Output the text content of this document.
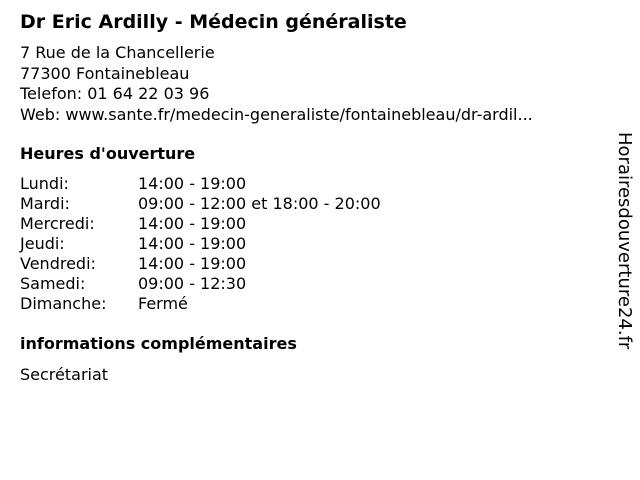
Dr Eric Ardilly - Médecin généraliste
7 Rue de la Chancellerie
77300 Fontainebleau
Telefon: 01 64 22 03 96
Web: www.sante.fr/medecin-generaliste/fontainebleau/dr-ardil...
Heures d'ouverture
Lundi:	14:00 - 19:00
Mardi:	09:00 - 12:00 et 18:00 - 20:00
Mercredi:	14:00 - 19:00
Jeudi:	14:00 - 19:00
Vendredi:	14:00 - 19:00
Samedi:	09:00 - 12:30
Dimanche: Fermé
informations complémentaires
Secrétariat
Horairesdouverture24.fr
